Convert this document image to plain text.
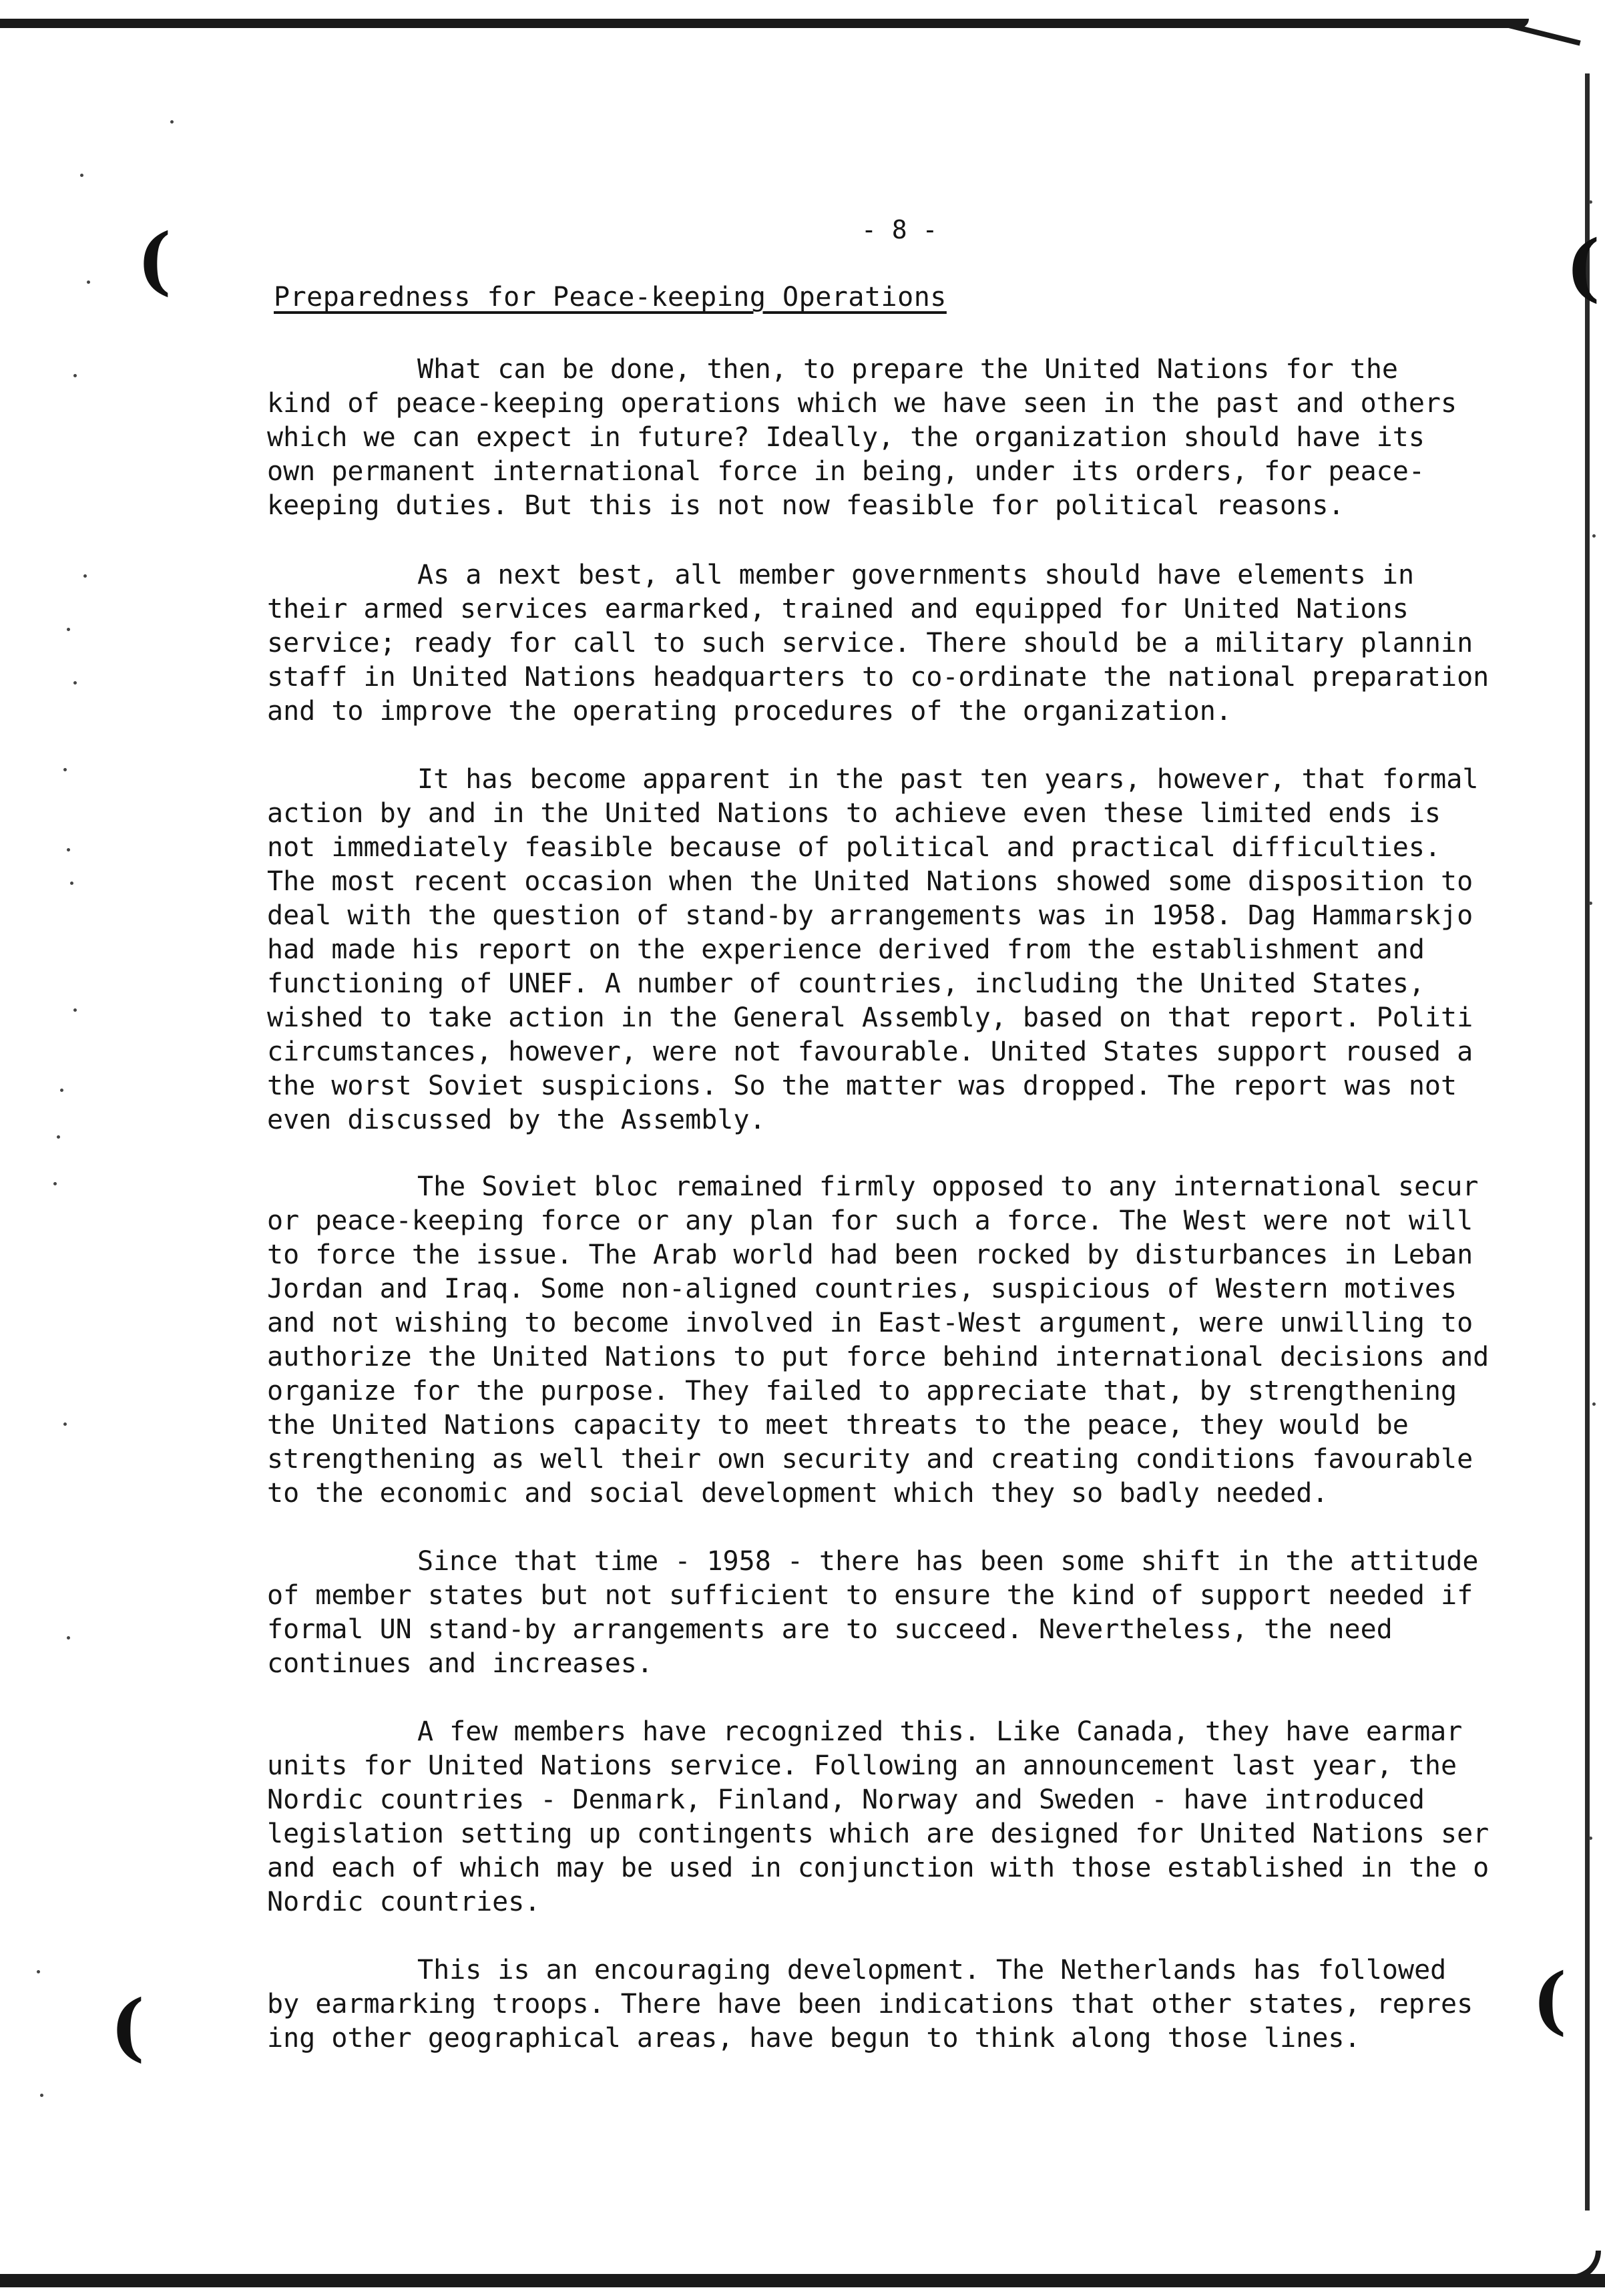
(	(
(	(
- 8 -
Preparedness for Peace-keeping Operations

What can be done, then, to prepare the United Nations for the
kind of peace-keeping operations which we have seen in the past and others
which we can expect in future? Ideally, the organization should have its
own permanent international force in being, under its orders, for peace-
keeping duties. But this is not now feasible for political reasons.

As a next best, all member governments should have elements in
their armed services earmarked, trained and equipped for United Nations
service; ready for call to such service. There should be a military plannin
staff in United Nations headquarters to co-ordinate the national preparation
and to improve the operating procedures of the organization.

It has become apparent in the past ten years, however, that formal
action by and in the United Nations to achieve even these limited ends is
not immediately feasible because of political and practical difficulties.
The most recent occasion when the United Nations showed some disposition to
deal with the question of stand-by arrangements was in 1958. Dag Hammarskjo
had made his report on the experience derived from the establishment and
functioning of UNEF. A number of countries, including the United States,
wished to take action in the General Assembly, based on that report. Politi
circumstances, however, were not favourable. United States support roused a
the worst Soviet suspicions. So the matter was dropped. The report was not
even discussed by the Assembly.

The Soviet bloc remained firmly opposed to any international secur
or peace-keeping force or any plan for such a force. The West were not will
to force the issue. The Arab world had been rocked by disturbances in Leban
Jordan and Iraq. Some non-aligned countries, suspicious of Western motives
and not wishing to become involved in East-West argument, were unwilling to
authorize the United Nations to put force behind international decisions and
organize for the purpose. They failed to appreciate that, by strengthening
the United Nations capacity to meet threats to the peace, they would be
strengthening as well their own security and creating conditions favourable
to the economic and social development which they so badly needed.

Since that time - 1958 - there has been some shift in the attitude
of member states but not sufficient to ensure the kind of support needed if
formal UN stand-by arrangements are to succeed. Nevertheless, the need
continues and increases.

A few members have recognized this. Like Canada, they have earmar
units for United Nations service. Following an announcement last year, the
Nordic countries - Denmark, Finland, Norway and Sweden - have introduced
legislation setting up contingents which are designed for United Nations ser
and each of which may be used in conjunction with those established in the o
Nordic countries.

This is an encouraging development. The Netherlands has followed
by earmarking troops. There have been indications that other states, repres
ing other geographical areas, have begun to think along those lines.
